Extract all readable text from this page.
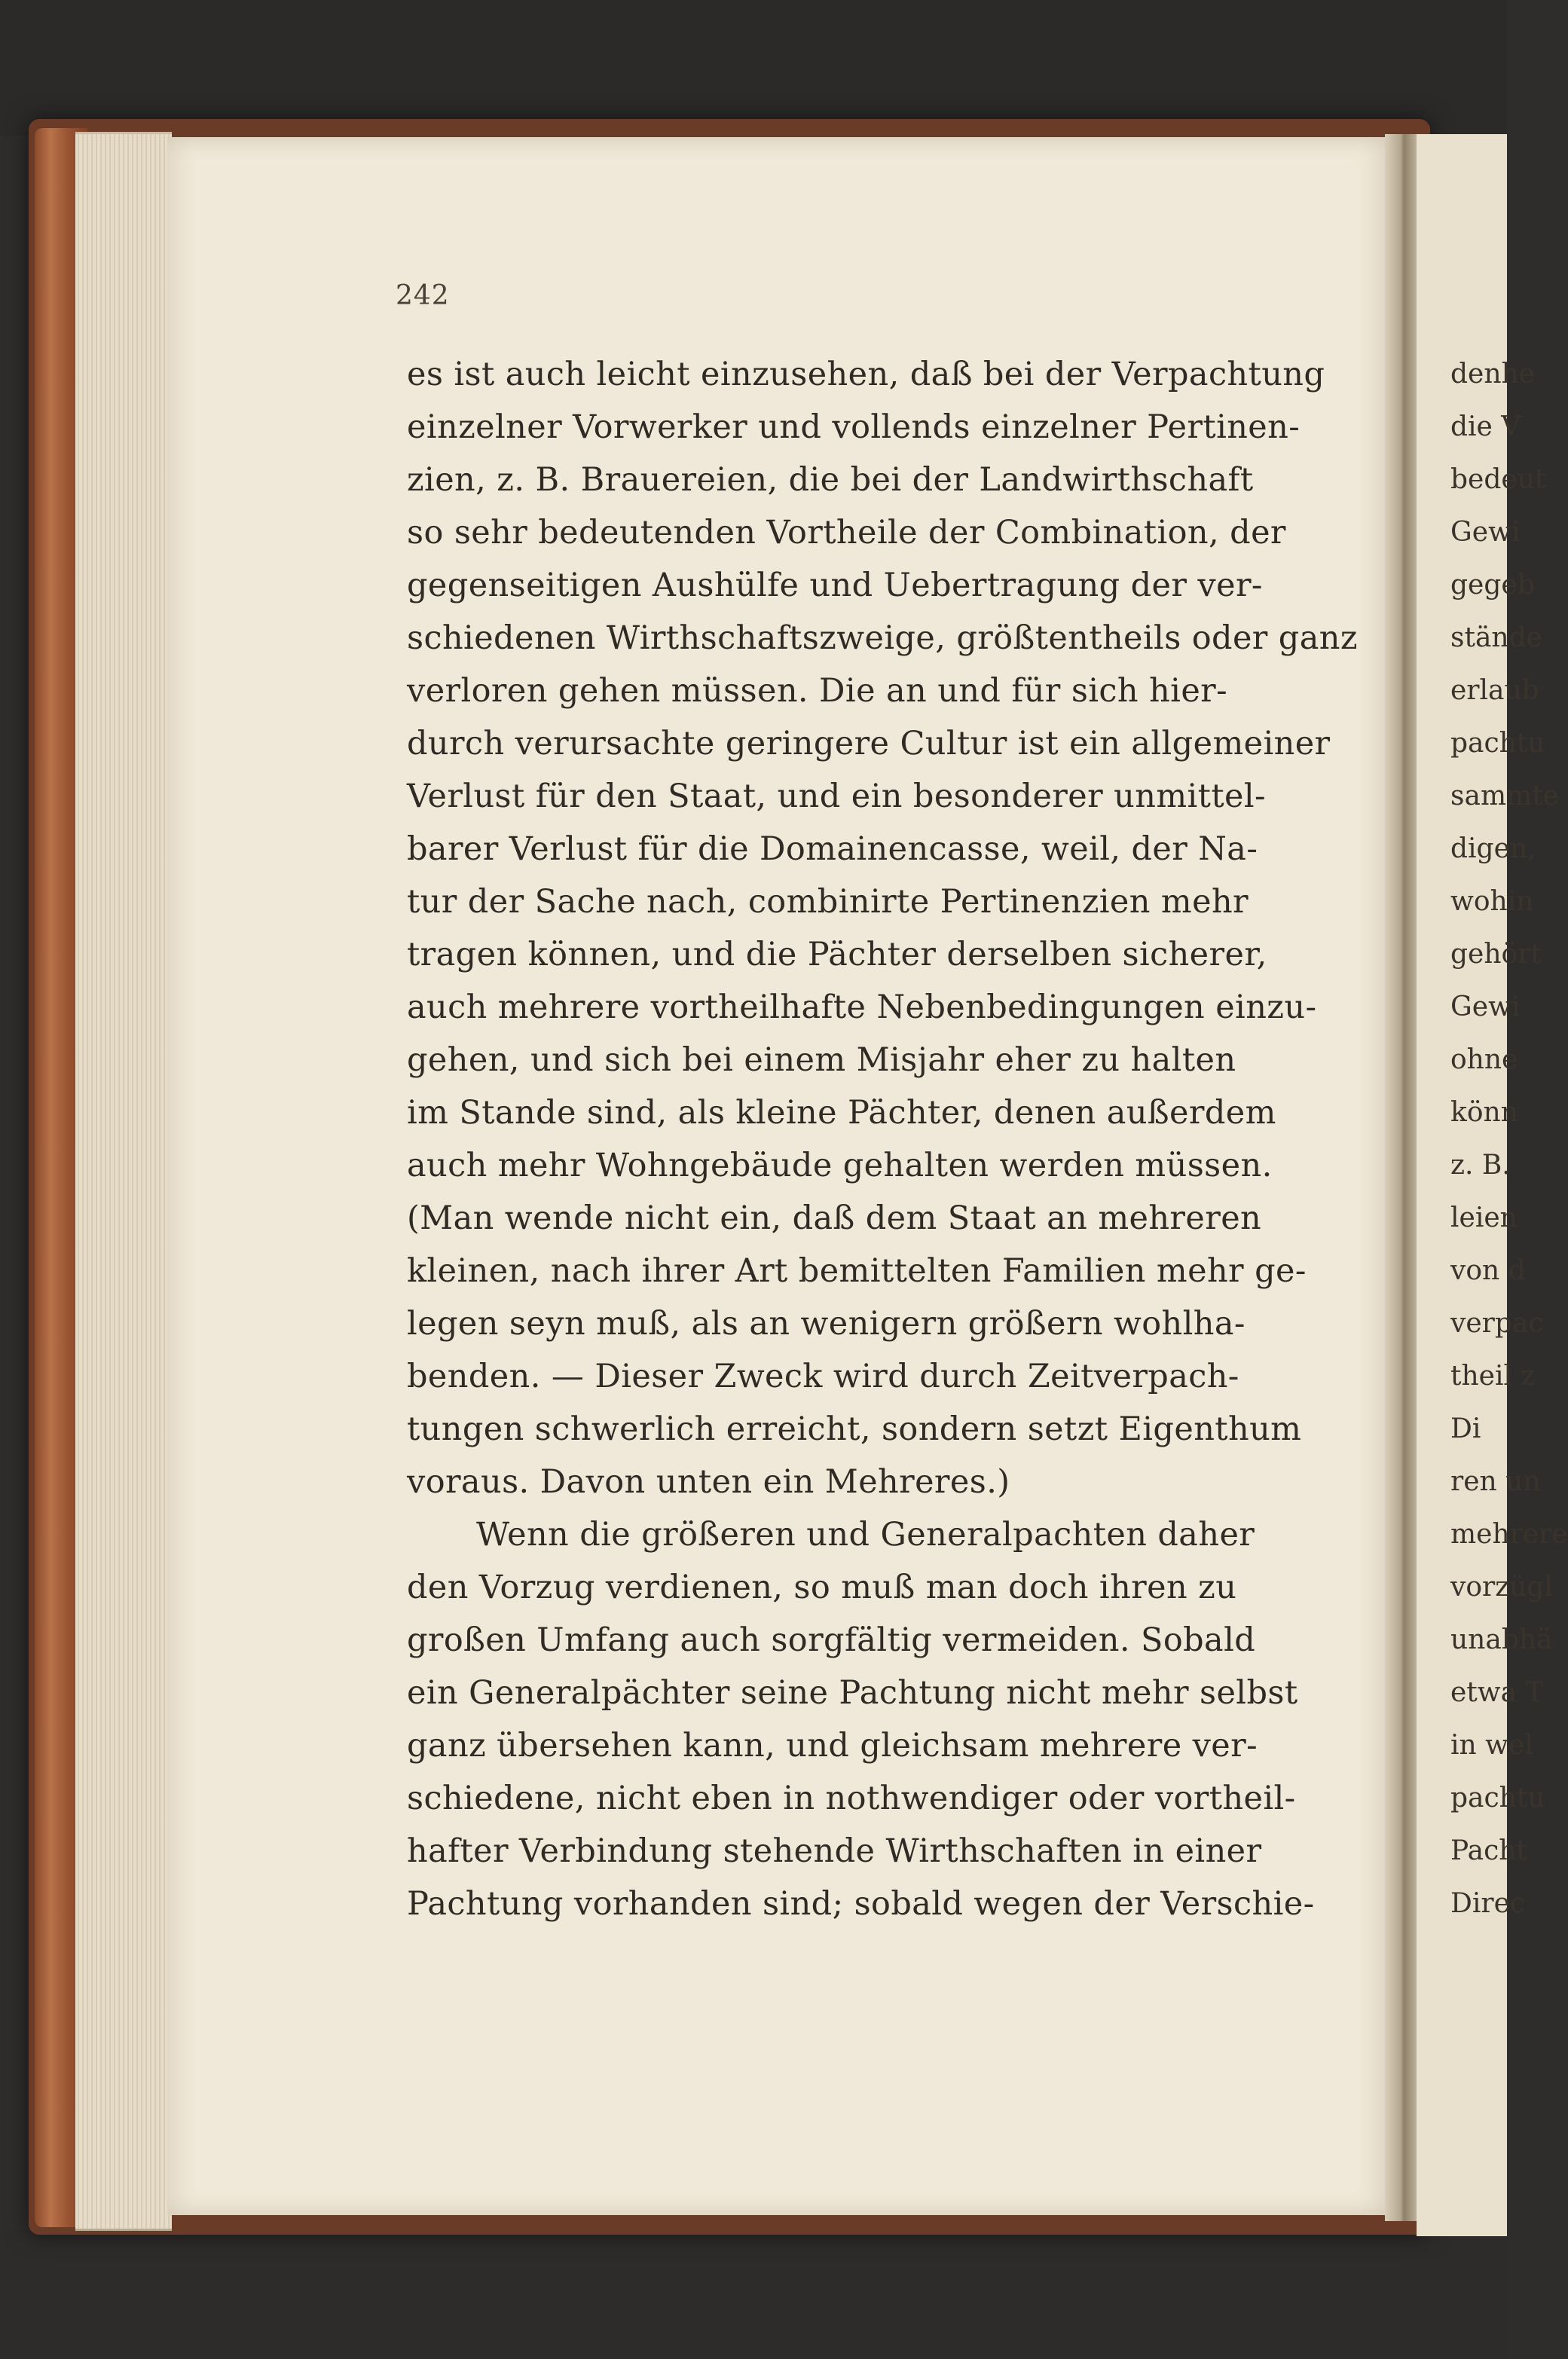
242
es ist auch leicht einzusehen, daß bei der Verpachtung
einzelner Vorwerker und vollends einzelner Pertinen-
zien, z. B. Brauereien, die bei der Landwirthschaft
so sehr bedeutenden Vortheile der Combination, der
gegenseitigen Aushülfe und Uebertragung der ver-
schiedenen Wirthschaftszweige, größtentheils oder ganz
verloren gehen müssen. Die an und für sich hier-
durch verursachte geringere Cultur ist ein allgemeiner
Verlust für den Staat, und ein besonderer unmittel-
barer Verlust für die Domainencasse, weil, der Na-
tur der Sache nach, combinirte Pertinenzien mehr
tragen können, und die Pächter derselben sicherer,
auch mehrere vortheilhafte Nebenbedingungen einzu-
gehen, und sich bei einem Misjahr eher zu halten
im Stande sind, als kleine Pächter, denen außerdem
auch mehr Wohngebäude gehalten werden müssen.
(Man wende nicht ein, daß dem Staat an mehreren
kleinen, nach ihrer Art bemittelten Familien mehr ge-
legen seyn muß, als an wenigern größern wohlha-
benden. — Dieser Zweck wird durch Zeitverpach-
tungen schwerlich erreicht, sondern setzt Eigenthum
voraus. Davon unten ein Mehreres.)
Wenn die größeren und Generalpachten daher
den Vorzug verdienen, so muß man doch ihren zu
großen Umfang auch sorgfältig vermeiden. Sobald
ein Generalpächter seine Pachtung nicht mehr selbst
ganz übersehen kann, und gleichsam mehrere ver-
schiedene, nicht eben in nothwendiger oder vortheil-
hafter Verbindung stehende Wirthschaften in einer
Pachtung vorhanden sind; sobald wegen der Verschie-
denhe
die V
bedeut
Gewi
gegeb
stände
erlaub
pachtu
sammte
digen,
wohin
gehört
Gewi
ohne
könn
z. B.
leien
von d
verpac
theil z
Di
ren un
mehrere
vorzügl
unabhä
etwa T
in wel
pachtu
Pacht
Direc
